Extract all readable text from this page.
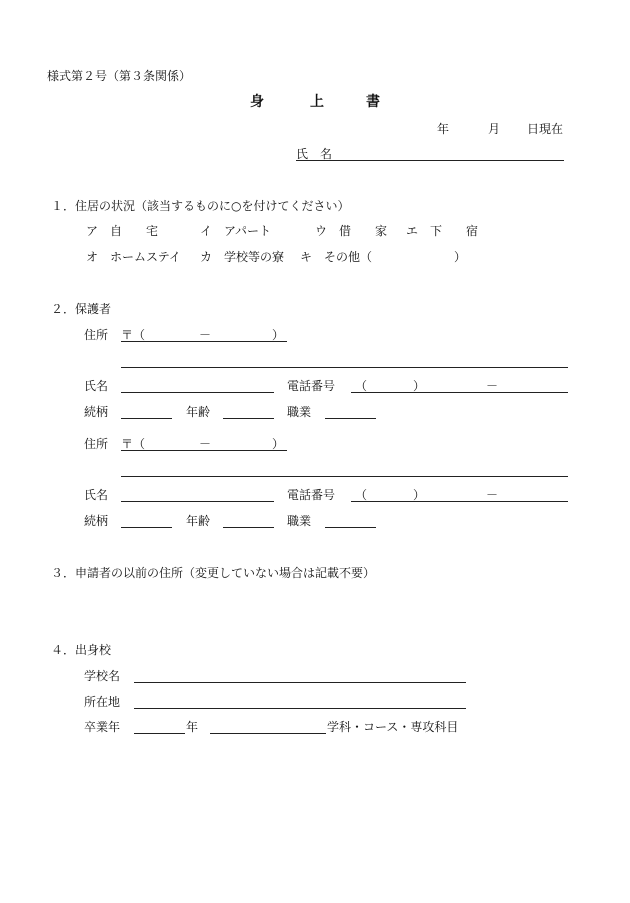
様式第２号（第３条関係）
身	上	書
年	月 日現在
氏　名
１．住居の状況（該当するものに○を付けてください）
ア　自　　宅	イ　アパート	ウ　借　　家 エ　下　　宿
オ　ホームステイ カ　学校等の寮 キ　その他（	）
２．保護者
住所 〒（	－	）
氏名	電話番号 （	）	－
続柄	年齢	職業
住所 〒（	－	）
氏名	電話番号 （	）	－
続柄	年齢	職業
３．申請者の以前の住所（変更していない場合は記載不要）
４．出身校
学校名
所在地
卒業年	年	学科・コース・専攻科目
